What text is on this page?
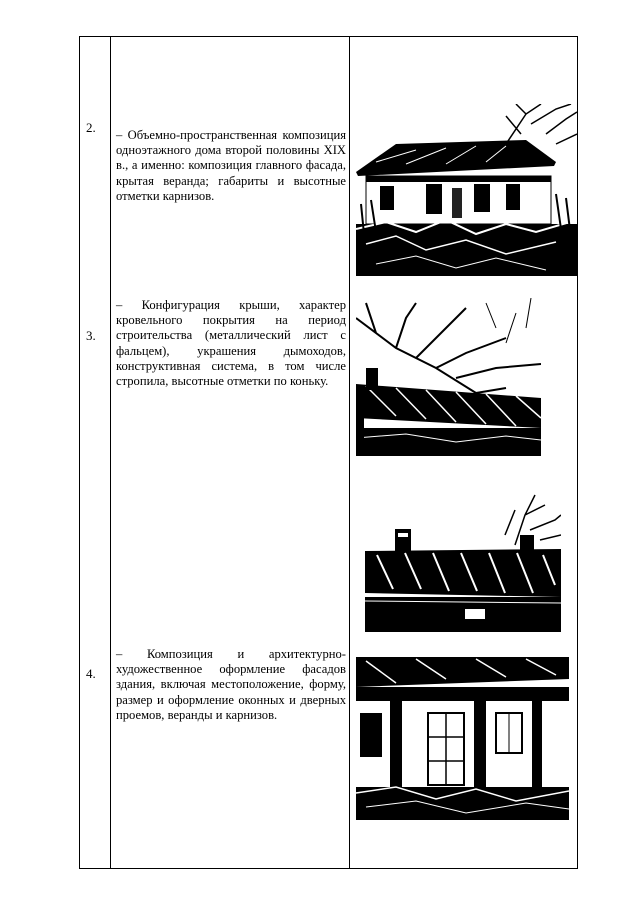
2. – Объемно-пространственная композиция одноэтажного дома второй половины XIX в., а именно: композиция главного фасада, крытая веранда; габариты и высотные отметки карнизов.
3.
– Конфигурация крыши, характер кровельного покрытия на период строительства (металлический лист с фальцем), украшения дымоходов, конструктивная система, в том числе стропила, высотные отметки по коньку.
4.
– Композиция и архитектурно-художественное оформление фасадов здания, включая местоположение, форму, размер и оформление оконных и дверных проемов, веранды и карнизов.
